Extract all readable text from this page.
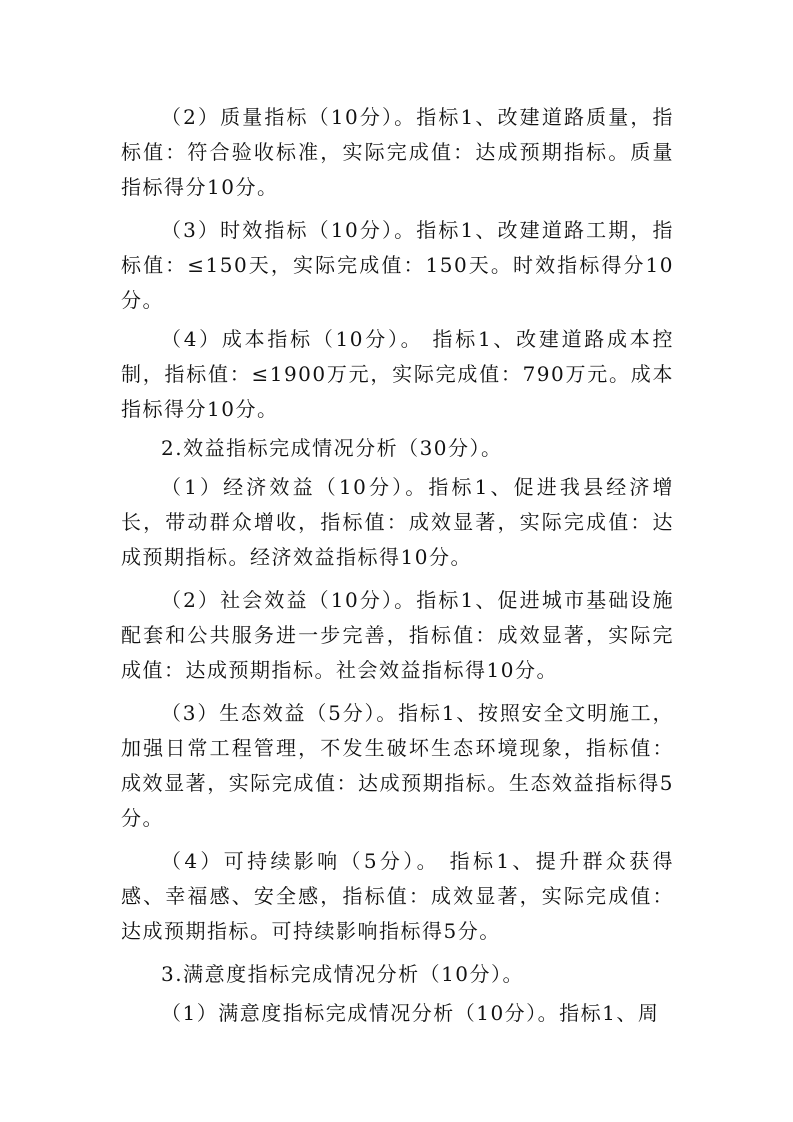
（2）质量指标（10分）。指标1、改建道路质量，指标值：符合验收标准，实际完成值：达成预期指标。质量指标得分10分。

（3）时效指标（10分）。指标1、改建道路工期，指标值：≤150天，实际完成值：150天。时效指标得分10分。

（4）成本指标（10分）。 指标1、改建道路成本控制，指标值：≤1900万元，实际完成值：790万元。成本指标得分10分。

2.效益指标完成情况分析（30分）。

（1）经济效益（10分）。指标1、促进我县经济增长，带动群众增收，指标值：成效显著，实际完成值：达成预期指标。经济效益指标得10分。

（2）社会效益（10分）。指标1、促进城市基础设施配套和公共服务进一步完善，指标值：成效显著，实际完成值：达成预期指标。社会效益指标得10分。

（3）生态效益（5分）。指标1、按照安全文明施工，加强日常工程管理，不发生破坏生态环境现象，指标值：成效显著，实际完成值：达成预期指标。生态效益指标得5分。

（4）可持续影响（5分）。 指标1、提升群众获得感、幸福感、安全感，指标值：成效显著，实际完成值：达成预期指标。可持续影响指标得5分。

3.满意度指标完成情况分析（10分）。

（1）满意度指标完成情况分析（10分）。指标1、周
